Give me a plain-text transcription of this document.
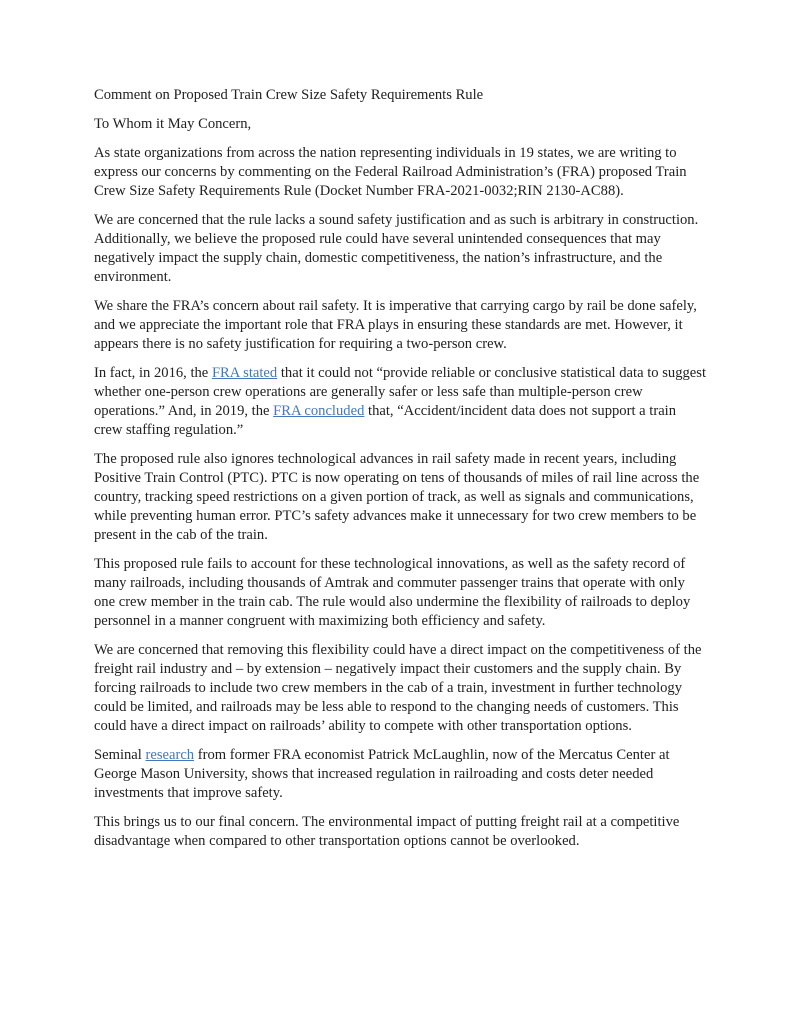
Comment on Proposed Train Crew Size Safety Requirements Rule

To Whom it May Concern,

As state organizations from across the nation representing individuals in 19 states, we are writing to express our concerns by commenting on the Federal Railroad Administration’s (FRA) proposed Train Crew Size Safety Requirements Rule (Docket Number FRA-2021-0032;RIN 2130-AC88).

We are concerned that the rule lacks a sound safety justification and as such is arbitrary in construction. Additionally, we believe the proposed rule could have several unintended consequences that may negatively impact the supply chain, domestic competitiveness, the nation’s infrastructure, and the environment.

We share the FRA’s concern about rail safety. It is imperative that carrying cargo by rail be done safely, and we appreciate the important role that FRA plays in ensuring these standards are met. However, it appears there is no safety justification for requiring a two-person crew.

In fact, in 2016, the FRA stated that it could not “provide reliable or conclusive statistical data to suggest whether one-person crew operations are generally safer or less safe than multiple-person crew operations.” And, in 2019, the FRA concluded that, “Accident/incident data does not support a train crew staffing regulation.”

The proposed rule also ignores technological advances in rail safety made in recent years, including Positive Train Control (PTC). PTC is now operating on tens of thousands of miles of rail line across the country, tracking speed restrictions on a given portion of track, as well as signals and communications, while preventing human error. PTC’s safety advances make it unnecessary for two crew members to be present in the cab of the train.

This proposed rule fails to account for these technological innovations, as well as the safety record of many railroads, including thousands of Amtrak and commuter passenger trains that operate with only one crew member in the train cab. The rule would also undermine the flexibility of railroads to deploy personnel in a manner congruent with maximizing both efficiency and safety.

We are concerned that removing this flexibility could have a direct impact on the competitiveness of the freight rail industry and – by extension – negatively impact their customers and the supply chain. By forcing railroads to include two crew members in the cab of a train, investment in further technology could be limited, and railroads may be less able to respond to the changing needs of customers. This could have a direct impact on railroads’ ability to compete with other transportation options.

Seminal research from former FRA economist Patrick McLaughlin, now of the Mercatus Center at George Mason University, shows that increased regulation in railroading and costs deter needed investments that improve safety.

This brings us to our final concern. The environmental impact of putting freight rail at a competitive disadvantage when compared to other transportation options cannot be overlooked.
